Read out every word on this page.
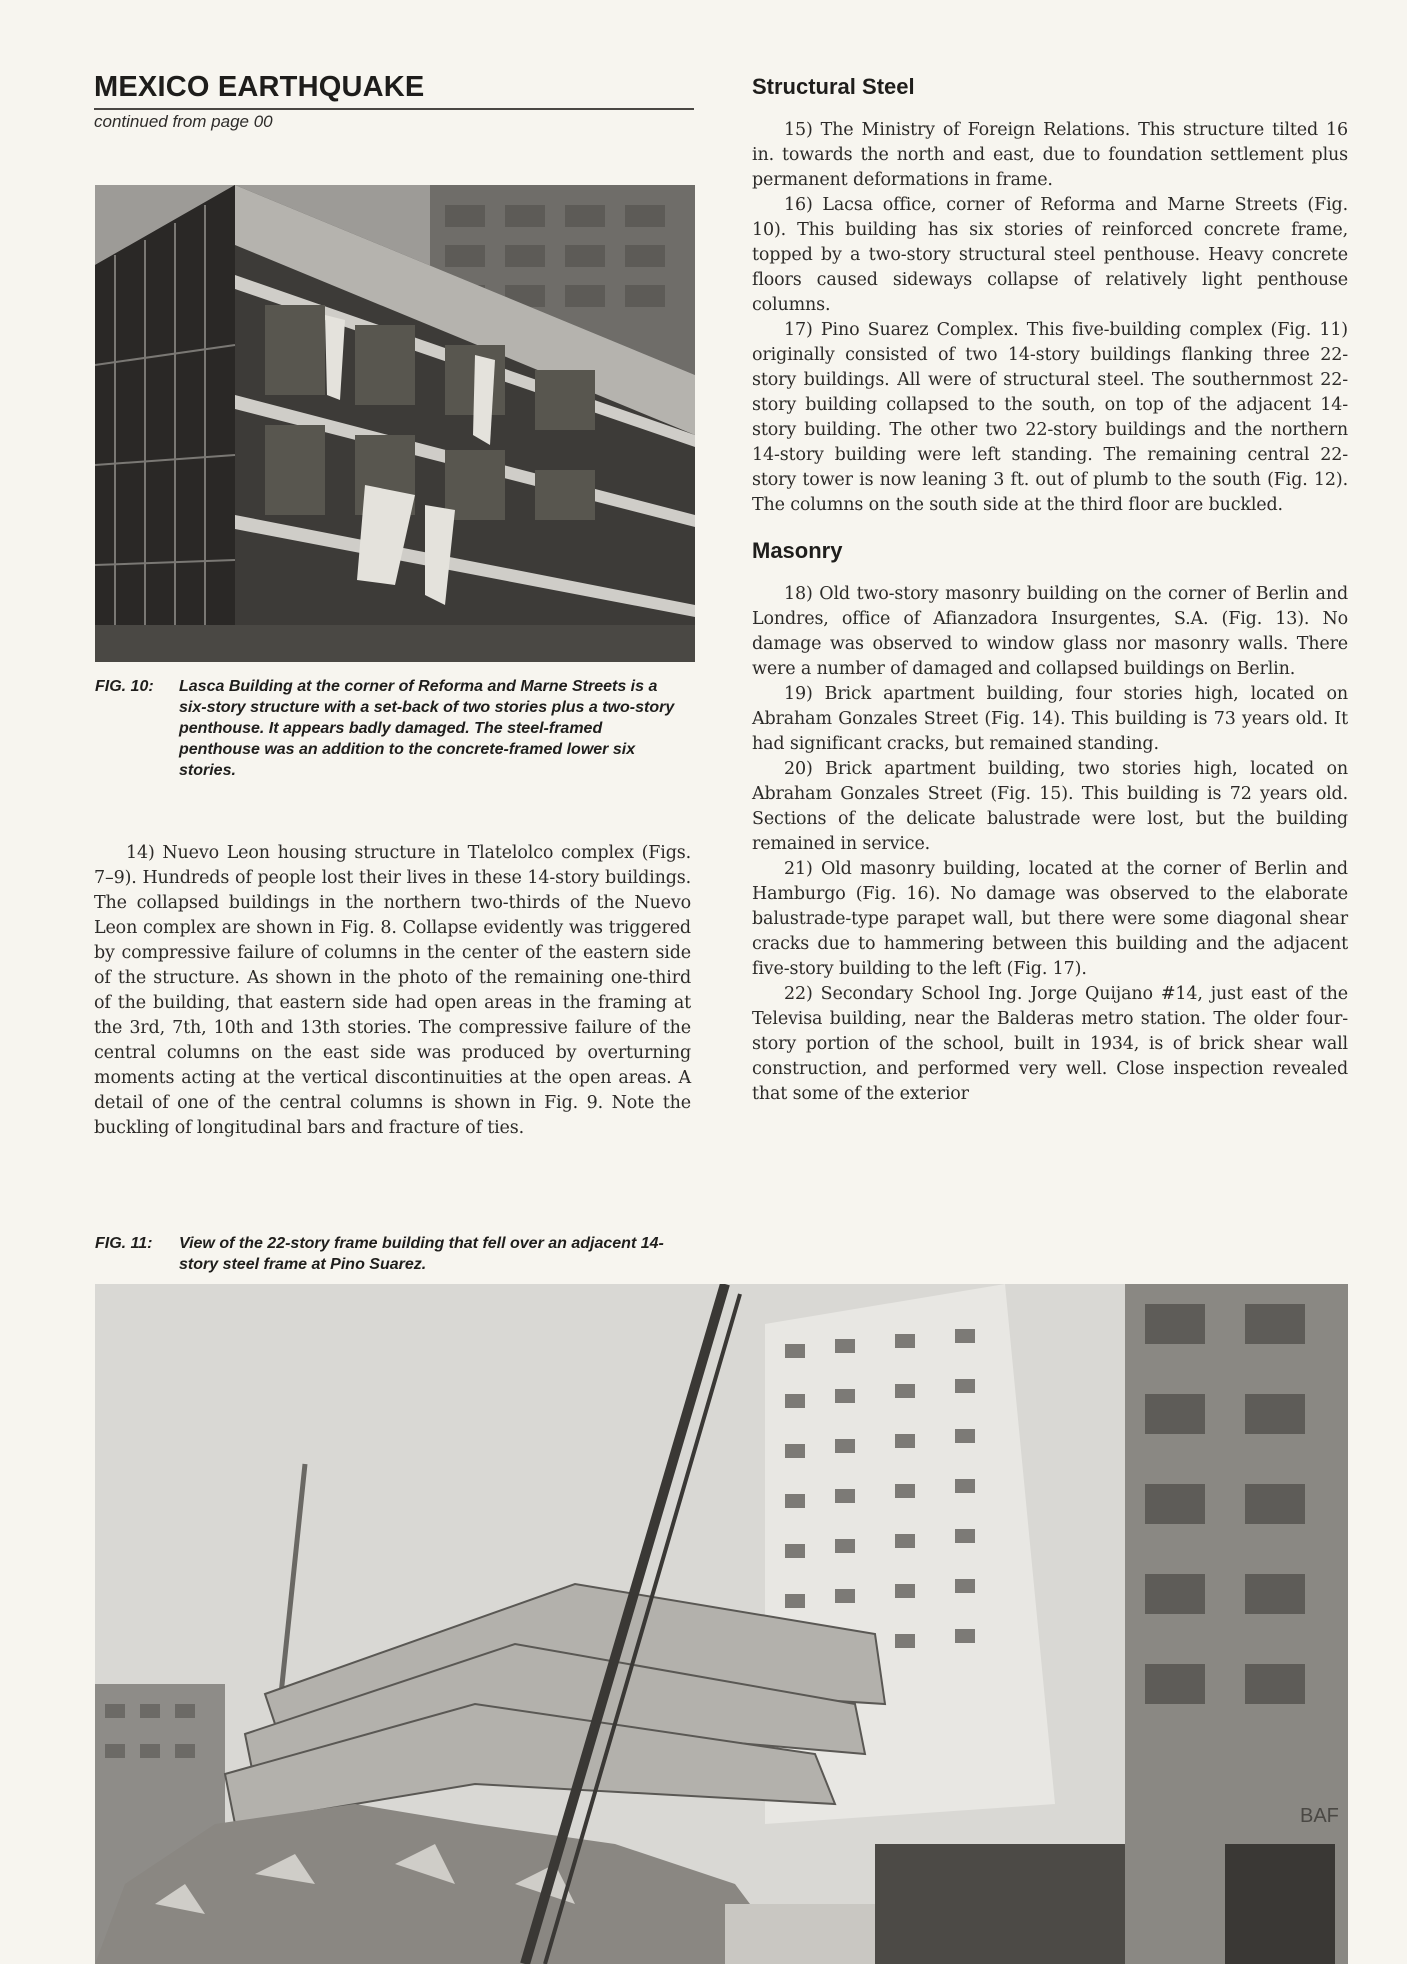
MEXICO EARTHQUAKE
continued from page 00
FIG. 10: Lasca Building at the corner of Reforma and Marne Streets is a six-story structure with a set-back of two stories plus a two-story penthouse. It appears badly damaged. The steel-framed penthouse was an addition to the concrete-framed lower six stories.

14) Nuevo Leon housing structure in Tlatelolco complex (Figs. 7–9). Hundreds of people lost their lives in these 14-story buildings. The collapsed buildings in the northern two-thirds of the Nuevo Leon complex are shown in Fig. 8. Collapse evidently was triggered by compressive failure of columns in the center of the eastern side of the structure. As shown in the photo of the remaining one-third of the building, that eastern side had open areas in the framing at the 3rd, 7th, 10th and 13th stories. The compressive failure of the central columns on the east side was produced by overturning moments acting at the vertical discontinuities at the open areas. A detail of one of the central columns is shown in Fig. 9. Note the buckling of longitudinal bars and fracture of ties.

FIG. 11: View of the 22-story frame building that fell over an adjacent 14-story steel frame at Pino Suarez.
Structural Steel

15) The Ministry of Foreign Relations. This structure tilted 16 in. towards the north and east, due to foundation settlement plus permanent deformations in frame.

16) Lacsa office, corner of Reforma and Marne Streets (Fig. 10). This building has six stories of reinforced concrete frame, topped by a two-story structural steel penthouse. Heavy concrete floors caused sideways collapse of relatively light penthouse columns.

17) Pino Suarez Complex. This five-building complex (Fig. 11) originally consisted of two 14-story buildings flanking three 22-story buildings. All were of structural steel. The southernmost 22-story building collapsed to the south, on top of the adjacent 14-story building. The other two 22-story buildings and the northern 14-story building were left standing. The remaining central 22-story tower is now leaning 3 ft. out of plumb to the south (Fig. 12). The columns on the south side at the third floor are buckled.

Masonry

18) Old two-story masonry building on the corner of Berlin and Londres, office of Afianzadora Insurgentes, S.A. (Fig. 13). No damage was observed to window glass nor masonry walls. There were a number of damaged and collapsed buildings on Berlin.

19) Brick apartment building, four stories high, located on Abraham Gonzales Street (Fig. 14). This building is 73 years old. It had significant cracks, but remained standing.

20) Brick apartment building, two stories high, located on Abraham Gonzales Street (Fig. 15). This building is 72 years old. Sections of the delicate balustrade were lost, but the building remained in service.

21) Old masonry building, located at the corner of Berlin and Hamburgo (Fig. 16). No damage was observed to the elaborate balustrade-type parapet wall, but there were some diagonal shear cracks due to hammering between this building and the adjacent five-story building to the left (Fig. 17).

22) Secondary School Ing. Jorge Quijano #14, just east of the Televisa building, near the Balderas metro station. The older four-story portion of the school, built in 1934, is of brick shear wall construction, and performed very well. Close inspection revealed that some of the exterior

BAF
